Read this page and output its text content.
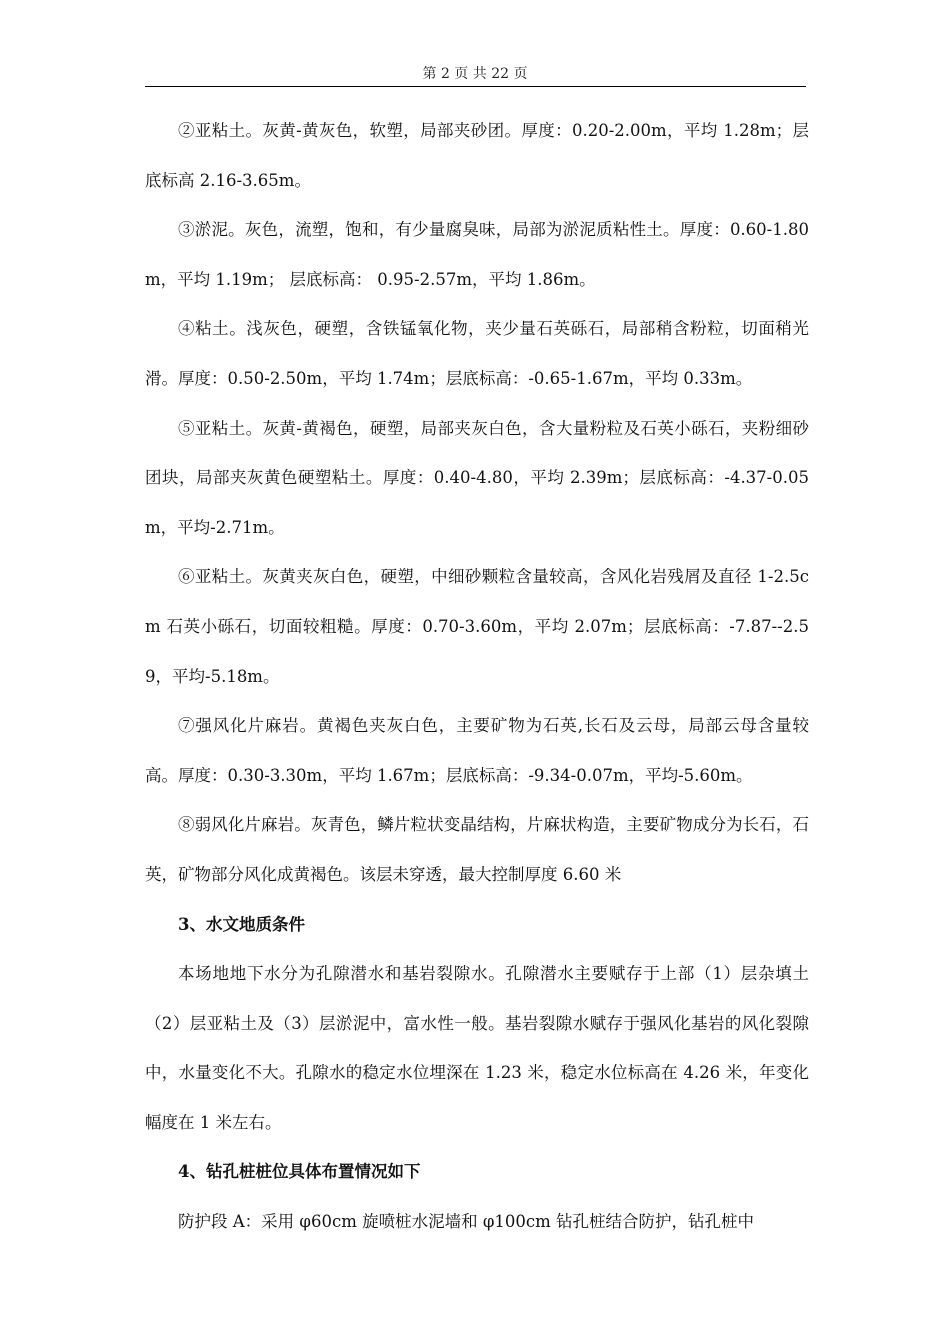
第 2 页 共 22 页

②亚粘土。灰黄-黄灰色，软塑，局部夹砂团。厚度：0.20-2.00m，平均 1.28m；层底标高 2.16-3.65m。

③淤泥。灰色，流塑，饱和，有少量腐臭味，局部为淤泥质粘性土。厚度：0.60-1.80m，平均 1.19m； 层底标高： 0.95-2.57m，平均 1.86m。

④粘土。浅灰色，硬塑，含铁锰氧化物，夹少量石英砾石，局部稍含粉粒，切面稍光滑。厚度：0.50-2.50m，平均 1.74m；层底标高：-0.65-1.67m，平均 0.33m。

⑤亚粘土。灰黄-黄褐色，硬塑，局部夹灰白色，含大量粉粒及石英小砾石，夹粉细砂团块，局部夹灰黄色硬塑粘土。厚度：0.40-4.80，平均 2.39m；层底标高：-4.37-0.05m，平均-2.71m。

⑥亚粘土。灰黄夹灰白色，硬塑，中细砂颗粒含量较高，含风化岩残屑及直径 1-2.5cm 石英小砾石，切面较粗糙。厚度：0.70-3.60m，平均 2.07m；层底标高：-7.87--2.59，平均-5.18m。

⑦强风化片麻岩。黄褐色夹灰白色，主要矿物为石英,长石及云母，局部云母含量较高。厚度：0.30-3.30m，平均 1.67m；层底标高：-9.34-0.07m，平均-5.60m。

⑧弱风化片麻岩。灰青色，鳞片粒状变晶结构，片麻状构造，主要矿物成分为长石，石英，矿物部分风化成黄褐色。该层未穿透，最大控制厚度 6.60 米

3、水文地质条件

本场地地下水分为孔隙潜水和基岩裂隙水。孔隙潜水主要赋存于上部（1）层杂填土（2）层亚粘土及（3）层淤泥中，富水性一般。基岩裂隙水赋存于强风化基岩的风化裂隙中，水量变化不大。孔隙水的稳定水位埋深在 1.23 米，稳定水位标高在 4.26 米，年变化幅度在 1 米左右。

4、钻孔桩桩位具体布置情况如下

防护段 A：采用 φ60cm 旋喷桩水泥墙和 φ100cm 钻孔桩结合防护，钻孔桩中
